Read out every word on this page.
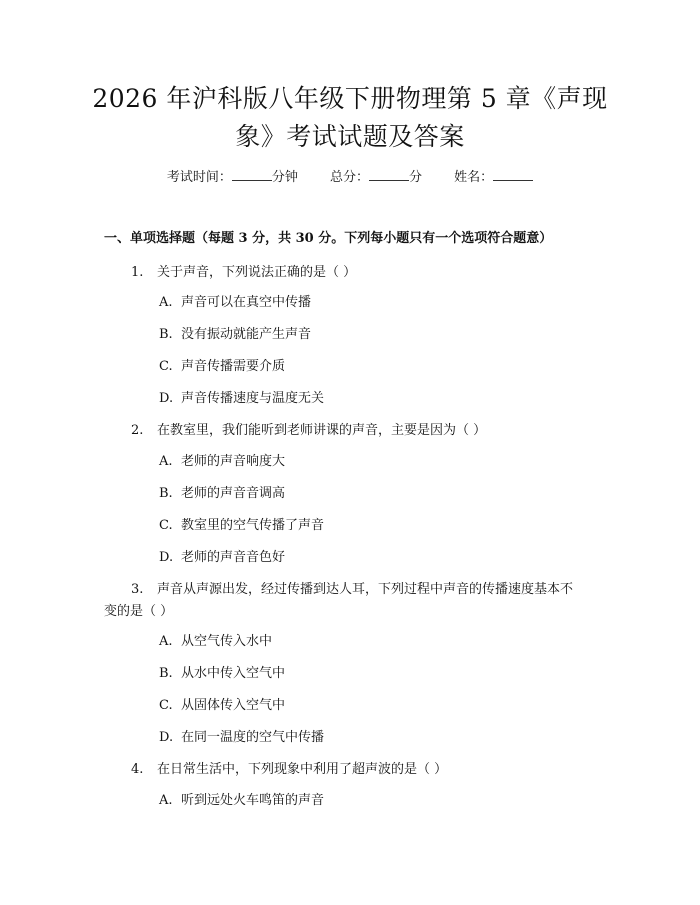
2026 年沪科版八年级下册物理第 5 章《声现
象》考试试题及答案
考试时间：	分钟 总分：	分 姓名：
一、单项选择题（每题 3 分，共 30 分。下列每小题只有一个选项符合题意）
1. 关于声音，下列说法正确的是（ ）
A. 声音可以在真空中传播
B. 没有振动就能产生声音
C. 声音传播需要介质
D. 声音传播速度与温度无关
2. 在教室里，我们能听到老师讲课的声音，主要是因为（ ）
A. 老师的声音响度大
B. 老师的声音音调高
C. 教室里的空气传播了声音
D. 老师的声音音色好
3. 声音从声源出发，经过传播到达人耳，下列过程中声音的传播速度基本不
变的是（ ）
A. 从空气传入水中
B. 从水中传入空气中
C. 从固体传入空气中
D. 在同一温度的空气中传播
4. 在日常生活中，下列现象中利用了超声波的是（ ）
A. 听到远处火车鸣笛的声音
